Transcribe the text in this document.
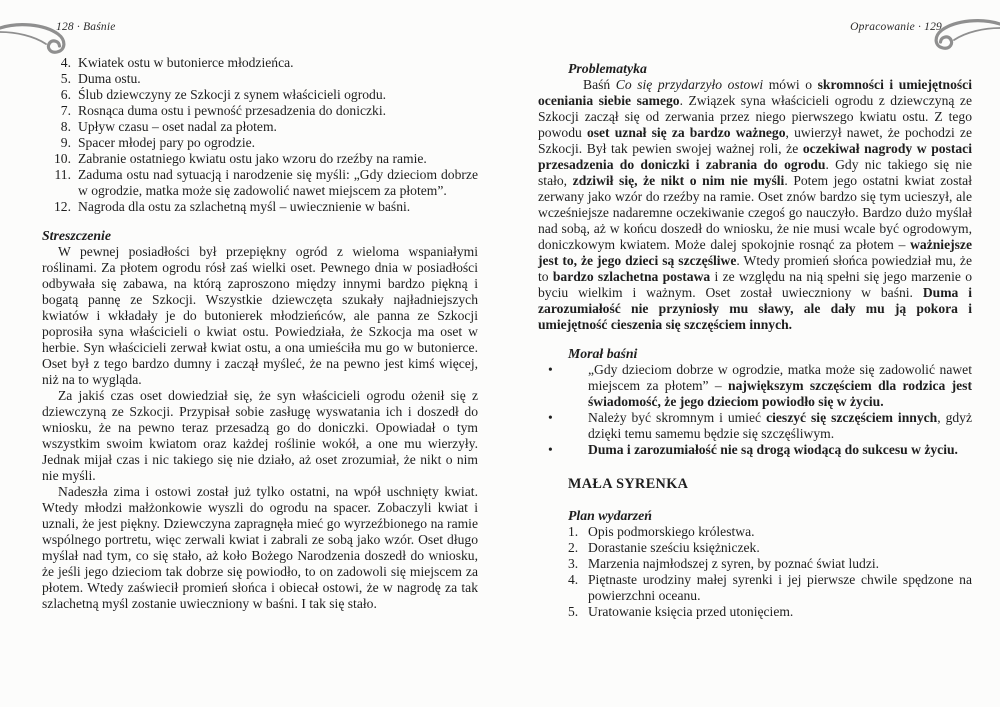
128 · Baśnie	Opracowanie · 129
4. Kwiatek ostu w butonierce młodzieńca.
5. Duma ostu.
6. Ślub dziewczyny ze Szkocji z synem właścicieli ogrodu.
7. Rosnąca duma ostu i pewność przesadzenia do doniczki.
8. Upływ czasu – oset nadal za płotem.
9. Spacer młodej pary po ogrodzie.
10. Zabranie ostatniego kwiatu ostu jako wzoru do rzeźby na ramie.
11. Zaduma ostu nad sytuacją i narodzenie się myśli: „Gdy dzieciom dobrze w ogrodzie, matka może się zadowolić nawet miejscem za płotem”.
12. Nagroda dla ostu za szlachetną myśl – uwiecznienie w baśni.
Streszczenie

W pewnej posiadłości był przepiękny ogród z wieloma wspaniałymi roślinami. Za płotem ogrodu rósł zaś wielki oset. Pewnego dnia w posiadłości odbywała się zabawa, na którą zaproszono między innymi bardzo piękną i bogatą pannę ze Szkocji. Wszystkie dziewczęta szukały najładniejszych kwiatów i wkładały je do butonierek młodzieńców, ale panna ze Szkocji poprosiła syna właścicieli o kwiat ostu. Powiedziała, że Szkocja ma oset w herbie. Syn właścicieli zerwał kwiat ostu, a ona umieściła mu go w butonierce. Oset był z tego bardzo dumny i zaczął myśleć, że na pewno jest kimś więcej, niż na to wygląda.

Za jakiś czas oset dowiedział się, że syn właścicieli ogrodu ożenił się z dziewczyną ze Szkocji. Przypisał sobie zasługę wyswatania ich i doszedł do wniosku, że na pewno teraz przesadzą go do doniczki. Opowiadał o tym wszystkim swoim kwiatom oraz każdej roślinie wokół, a one mu wierzyły. Jednak mijał czas i nic takiego się nie działo, aż oset zrozumiał, że nikt o nim nie myśli.

Nadeszła zima i ostowi został już tylko ostatni, na wpół uschnięty kwiat. Wtedy młodzi małżonkowie wyszli do ogrodu na spacer. Zobaczyli kwiat i uznali, że jest piękny. Dziewczyna zapragnęła mieć go wyrzeźbionego na ramie wspólnego portretu, więc zerwali kwiat i zabrali ze sobą jako wzór. Oset długo myślał nad tym, co się stało, aż koło Bożego Narodzenia doszedł do wniosku, że jeśli jego dzieciom tak dobrze się powiodło, to on zadowoli się miejscem za płotem. Wtedy zaświecił promień słońca i obiecał ostowi, że w nagrodę za tak szlachetną myśl zostanie uwieczniony w baśni. I tak się stało.

Problematyka

Baśń Co się przydarzyło ostowi mówi o skromności i umiejętności oceniania siebie samego. Związek syna właścicieli ogrodu z dziewczyną ze Szkocji zaczął się od zerwania przez niego pierwszego kwiatu ostu. Z tego powodu oset uznał się za bardzo ważnego, uwierzył nawet, że pochodzi ze Szkocji. Był tak pewien swojej ważnej roli, że oczekiwał nagrody w postaci przesadzenia do doniczki i zabrania do ogrodu. Gdy nic takiego się nie stało, zdziwił się, że nikt o nim nie myśli. Potem jego ostatni kwiat został zerwany jako wzór do rzeźby na ramie. Oset znów bardzo się tym ucieszył, ale wcześniejsze nadaremne oczekiwanie czegoś go nauczyło. Bardzo dużo myślał nad sobą, aż w końcu doszedł do wniosku, że nie musi wcale być ogrodowym, doniczkowym kwiatem. Może dalej spokojnie rosnąć za płotem – ważniejsze jest to, że jego dzieci są szczęśliwe. Wtedy promień słońca powiedział mu, że to bardzo szlachetna postawa i ze względu na nią spełni się jego marzenie o byciu wielkim i ważnym. Oset został uwieczniony w baśni. Duma i zarozumiałość nie przyniosły mu sławy, ale dały mu ją pokora i umiejętność cieszenia się szczęściem innych.

Morał baśni
•	„Gdy dzieciom dobrze w ogrodzie, matka może się zadowolić nawet miejscem za płotem” – największym szczęściem dla rodzica jest świadomość, że jego dzieciom powiodło się w życiu.
•	Należy być skromnym i umieć cieszyć się szczęściem innych, gdyż dzięki temu samemu będzie się szczęśliwym.
•	Duma i zarozumiałość nie są drogą wiodącą do sukcesu w życiu.
MAŁA SYRENKA
Plan wydarzeń
1. Opis podmorskiego królestwa.
2. Dorastanie sześciu księżniczek.
3. Marzenia najmłodszej z syren, by poznać świat ludzi.
4. Piętnaste urodziny małej syrenki i jej pierwsze chwile spędzone na powierzchni oceanu.
5. Uratowanie księcia przed utonięciem.
